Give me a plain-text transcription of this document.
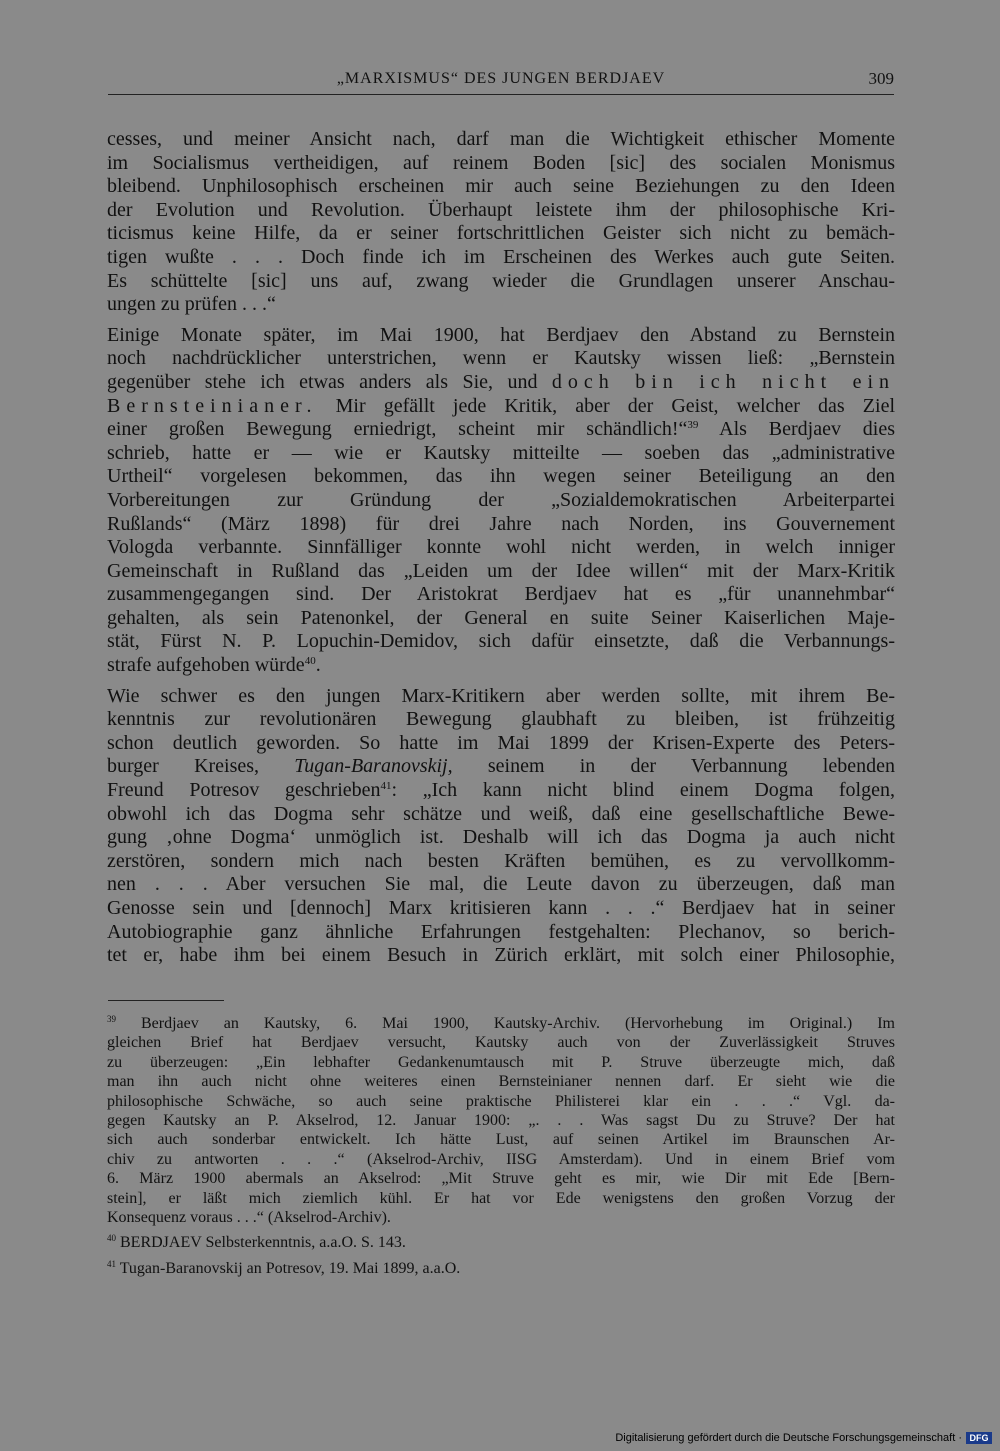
„MARXISMUS“ DES JUNGEN BERDJAEV	309
cesses, und meiner Ansicht nach, darf man die Wichtigkeit ethischer Momente
im Socialismus vertheidigen, auf reinem Boden [sic] des socialen Monismus
bleibend. Unphilosophisch erscheinen mir auch seine Beziehungen zu den Ideen
der Evolution und Revolution. Überhaupt leistete ihm der philosophische Kri-
ticismus keine Hilfe, da er seiner fortschrittlichen Geister sich nicht zu bemäch-
tigen wußte . . . Doch finde ich im Erscheinen des Werkes auch gute Seiten.
Es schüttelte [sic] uns auf, zwang wieder die Grundlagen unserer Anschau-
ungen zu prüfen . . .“
Einige Monate später, im Mai 1900, hat Berdjaev den Abstand zu Bernstein
noch nachdrücklicher unterstrichen, wenn er Kautsky wissen ließ: „Bernstein
gegenüber stehe ich etwas anders als Sie, und doch bin ich nicht ein
Bernsteinianer. Mir gefällt jede Kritik, aber der Geist, welcher das Ziel
einer großen Bewegung erniedrigt, scheint mir schändlich!“$^{39}$ Als Berdjaev dies
schrieb, hatte er — wie er Kautsky mitteilte — soeben das „administrative
Urtheil“ vorgelesen bekommen, das ihn wegen seiner Beteiligung an den
Vorbereitungen zur Gründung der „Sozialdemokratischen Arbeiterpartei
Rußlands“ (März 1898) für drei Jahre nach Norden, ins Gouvernement
Vologda verbannte. Sinnfälliger konnte wohl nicht werden, in welch inniger
Gemeinschaft in Rußland das „Leiden um der Idee willen“ mit der Marx-Kritik
zusammengegangen sind. Der Aristokrat Berdjaev hat es „für unannehmbar“
gehalten, als sein Patenonkel, der General en suite Seiner Kaiserlichen Maje-
stät, Fürst N. P. Lopuchin-Demidov, sich dafür einsetzte, daß die Verbannungs-
strafe aufgehoben würde$^{40}$.
Wie schwer es den jungen Marx-Kritikern aber werden sollte, mit ihrem Be-
kenntnis zur revolutionären Bewegung glaubhaft zu bleiben, ist frühzeitig
schon deutlich geworden. So hatte im Mai 1899 der Krisen-Experte des Peters-
burger Kreises, Tugan-Baranovskij, seinem in der Verbannung lebenden
Freund Potresov geschrieben$^{41}$: „Ich kann nicht blind einem Dogma folgen,
obwohl ich das Dogma sehr schätze und weiß, daß eine gesellschaftliche Bewe-
gung ‚ohne Dogma‘ unmöglich ist. Deshalb will ich das Dogma ja auch nicht
zerstören, sondern mich nach besten Kräften bemühen, es zu vervollkomm-
nen . . . Aber versuchen Sie mal, die Leute davon zu überzeugen, daß man
Genosse sein und [dennoch] Marx kritisieren kann . . .“ Berdjaev hat in seiner
Autobiographie ganz ähnliche Erfahrungen festgehalten: Plechanov, so berich-
tet er, habe ihm bei einem Besuch in Zürich erklärt, mit solch einer Philosophie,
$^{39}$ Berdjaev an Kautsky, 6. Mai 1900, Kautsky-Archiv. (Hervorhebung im Original.) Im
gleichen Brief hat Berdjaev versucht, Kautsky auch von der Zuverlässigkeit Struves
zu überzeugen: „Ein lebhafter Gedankenumtausch mit P. Struve überzeugte mich, daß
man ihn auch nicht ohne weiteres einen Bernsteinianer nennen darf. Er sieht wie die
philosophische Schwäche, so auch seine praktische Philisterei klar ein . . .“ Vgl. da-
gegen Kautsky an P. Akselrod, 12. Januar 1900: „. . . Was sagst Du zu Struve? Der hat
sich auch sonderbar entwickelt. Ich hätte Lust, auf seinen Artikel im Braunschen Ar-
chiv zu antworten . . .“ (Akselrod-Archiv, IISG Amsterdam). Und in einem Brief vom
6. März 1900 abermals an Akselrod: „Mit Struve geht es mir, wie Dir mit Ede [Bern-
stein], er läßt mich ziemlich kühl. Er hat vor Ede wenigstens den großen Vorzug der
Konsequenz voraus . . .“ (Akselrod-Archiv).
$^{40}$ BERDJAEV Selbsterkenntnis, a.a.O. S. 143.
$^{41}$ Tugan-Baranovskij an Potresov, 19. Mai 1899, a.a.O.
Digitalisierung gefördert durch die Deutsche Forschungsgemeinschaft · DFG
